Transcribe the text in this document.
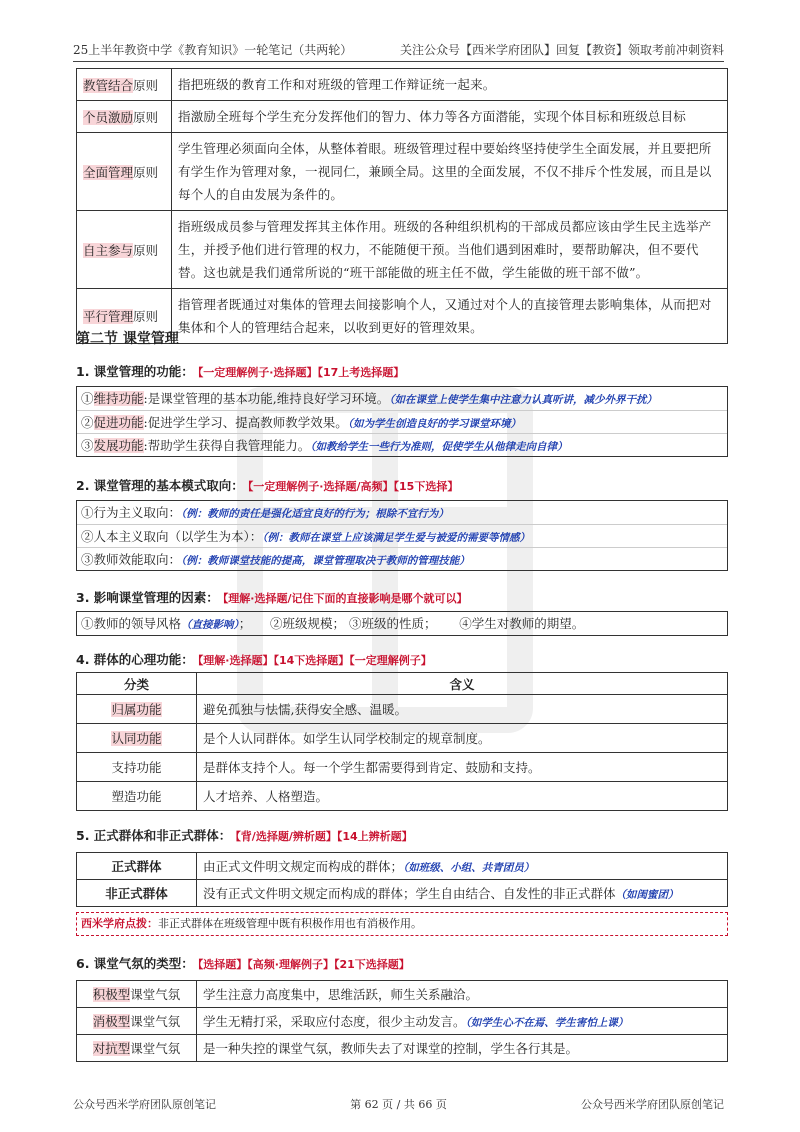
25上半年教资中学《教育知识》一轮笔记（共两轮）	关注公众号【西米学府团队】回复【教资】领取考前冲刺资料
教管结合原则	指把班级的教育工作和对班级的管理工作辩证统一起来。
个员激励原则	指激励全班每个学生充分发挥他们的智力、体力等各方面潜能，实现个体目标和班级总目标
全面管理原则	学生管理必须面向全体，从整体着眼。班级管理过程中要始终坚持使学生全面发展，并且要把所有学生作为管理对象，一视同仁，兼顾全局。这里的全面发展，不仅不排斥个性发展，而且是以每个人的自由发展为条件的。
自主参与原则	指班级成员参与管理发挥其主体作用。班级的各种组织机构的干部成员都应该由学生民主选举产生，并授予他们进行管理的权力，不能随便干预。当他们遇到困难时，要帮助解决，但不要代替。这也就是我们通常所说的“班干部能做的班主任不做，学生能做的班干部不做”。
平行管理原则	指管理者既通过对集体的管理去间接影响个人，又通过对个人的直接管理去影响集体，从而把对集体和个人的管理结合起来，以收到更好的管理效果。
第二节 课堂管理
1. 课堂管理的功能： 【一定理解例子·选择题】【17上考选择题】
①维持功能:是课堂管理的基本功能,维持良好学习环境。（如在课堂上使学生集中注意力认真听讲，减少外界干扰）
②促进功能:促进学生学习、提高教师教学效果。（如为学生创造良好的学习课堂环境）
③发展功能:帮助学生获得自我管理能力。（如教给学生一些行为准则，促使学生从他律走向自律）
2. 课堂管理的基本模式取向： 【一定理解例子·选择题/高频】【15下选择】
①行为主义取向：（例：教师的责任是强化适宜良好的行为；根除不宜行为）
②人本主义取向（以学生为本）：（例：教师在课堂上应该满足学生爱与被爱的需要等情感）
③教师效能取向：（例：教师课堂技能的提高，课堂管理取决于教师的管理技能）
3. 影响课堂管理的因素： 【理解·选择题/记住下面的直接影响是哪个就可以】
①教师的领导风格（直接影响）；　　②班级规模； ③班级的性质；　　 ④学生对教师的期望。
4. 群体的心理功能： 【理解·选择题】【14下选择题】【一定理解例子】
分类	含义
归属功能	避免孤独与怯懦,获得安全感、温暖。
认同功能	是个人认同群体。如学生认同学校制定的规章制度。
支持功能	是群体支持个人。每一个学生都需要得到肯定、鼓励和支持。
塑造功能	人才培养、人格塑造。
5. 正式群体和非正式群体： 【背/选择题/辨析题】【14上辨析题】
正式群体	由正式文件明文规定而构成的群体；（如班级、小组、共青团员）
非正式群体	没有正式文件明文规定而构成的群体；学生自由结合、自发性的非正式群体（如闺蜜团）
西米学府点拨：非正式群体在班级管理中既有积极作用也有消极作用。
6. 课堂气氛的类型： 【选择题】【高频·理解例子】【21下选择题】
积极型课堂气氛	学生注意力高度集中，思维活跃，师生关系融洽。
消极型课堂气氛	学生无精打采，采取应付态度，很少主动发言。（如学生心不在焉、学生害怕上课）
对抗型课堂气氛	是一种失控的课堂气氛，教师失去了对课堂的控制，学生各行其是。
公众号西米学府团队原创笔记	第 62 页 / 共 66 页	公众号西米学府团队原创笔记
